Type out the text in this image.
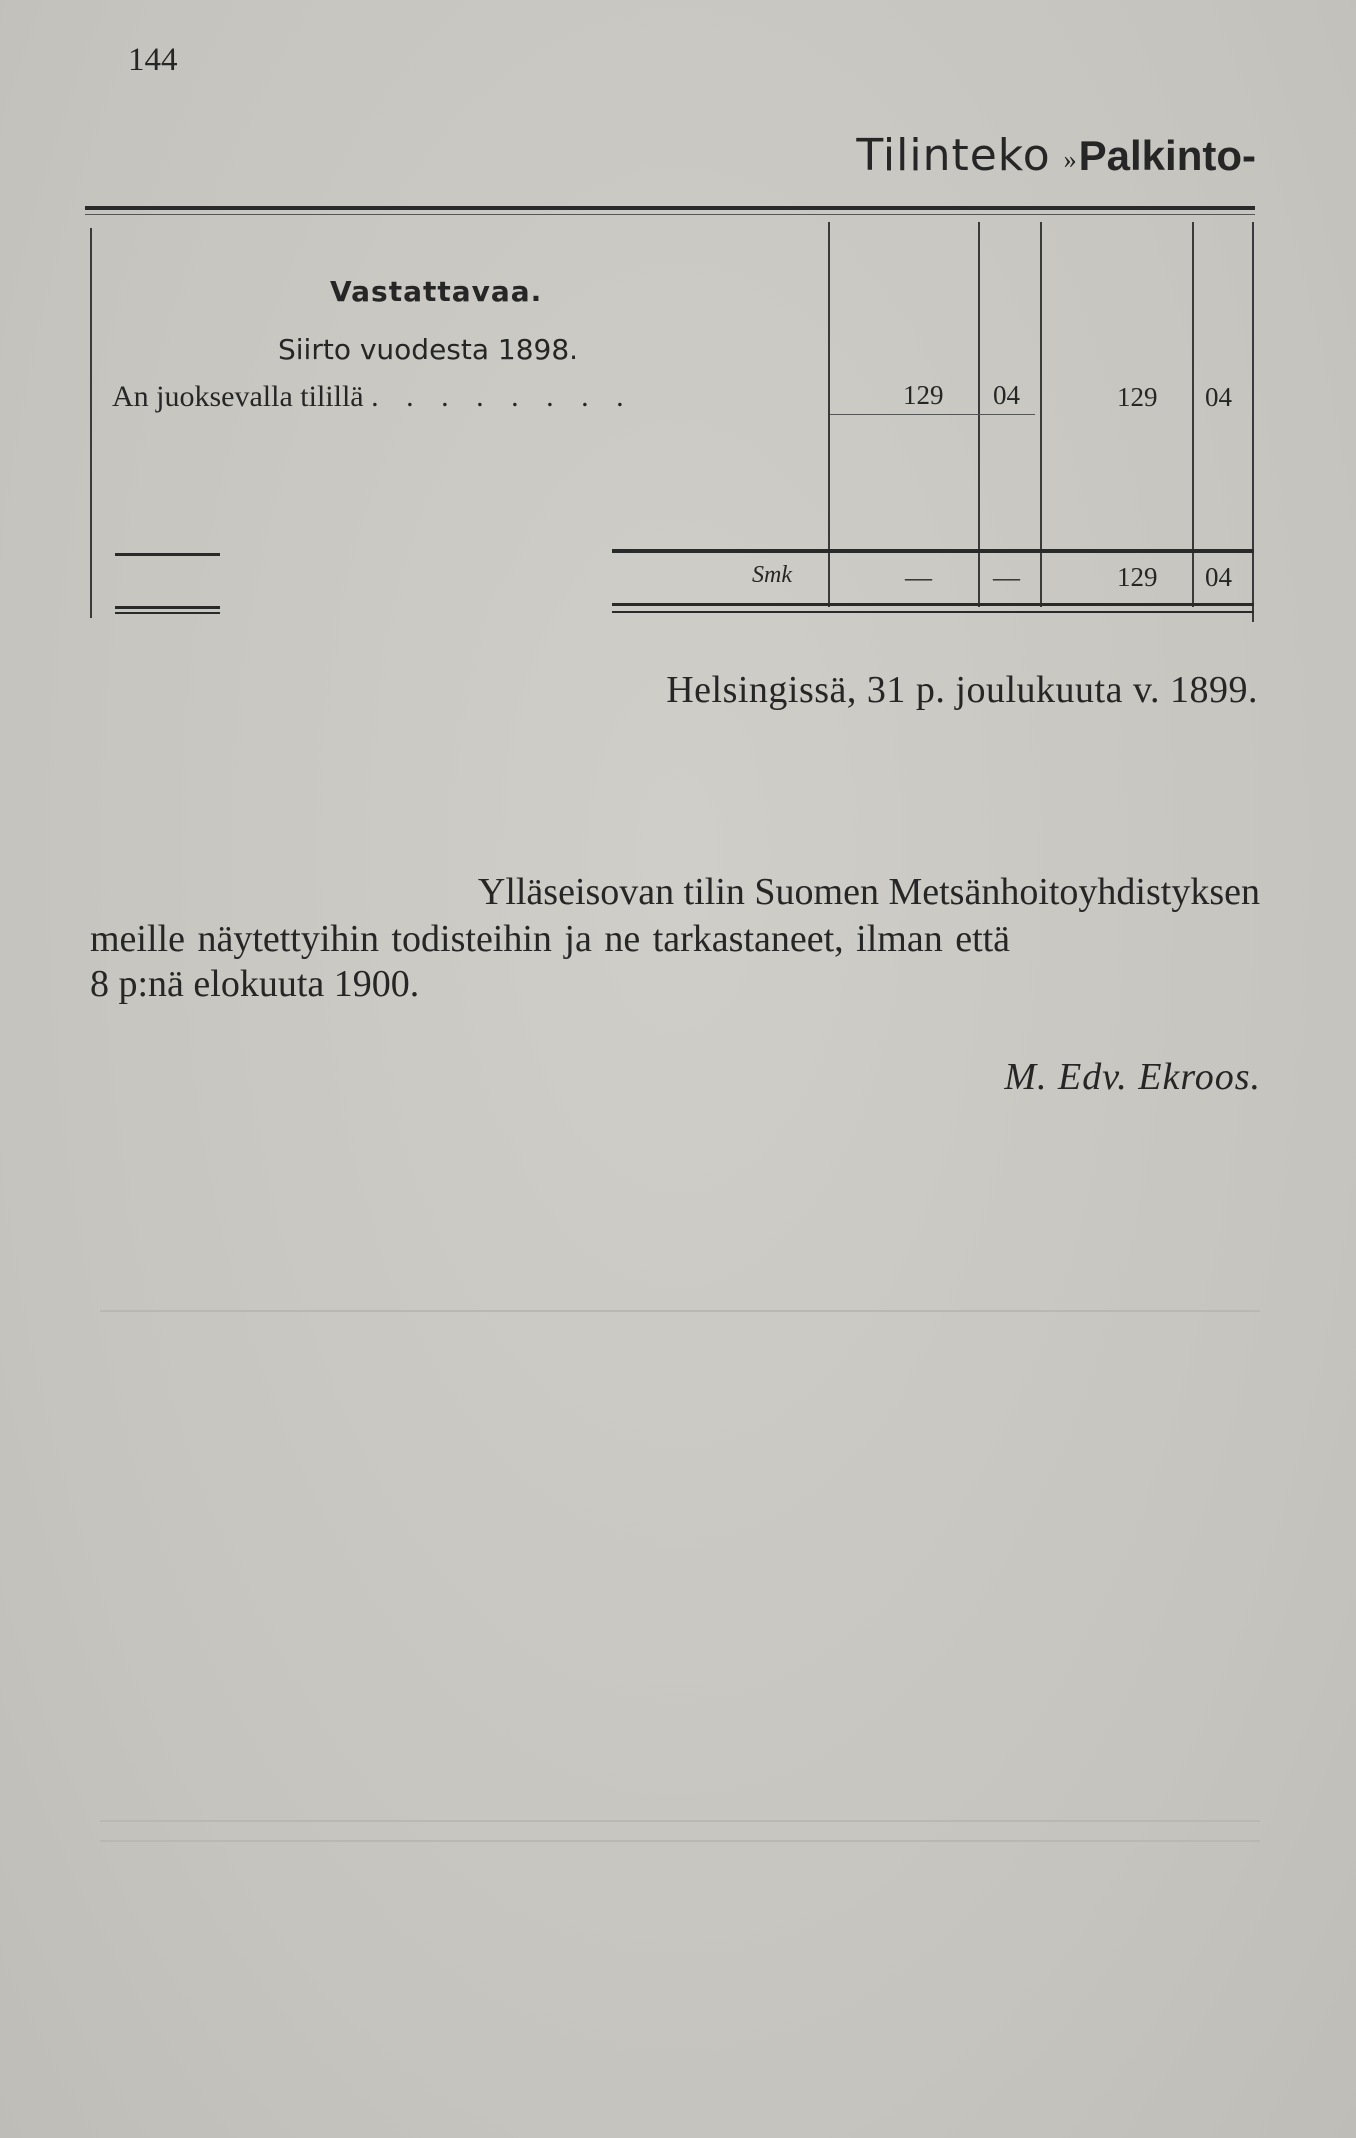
144
Tilinteko »Palkinto-
Vastattavaa.
Siirto vuodesta 1898.
An juoksevalla tilillä . . . . . . . .	129 04	129 04
Smk	— —	129 04
Helsingissä, 31 p. joulukuuta v. 1899.
Ylläseisovan tilin Suomen Metsänhoitoyhdistyksen
meille näytettyihin todisteihin ja ne tarkastaneet, ilman että
8 p:nä elokuuta 1900.
M. Edv. Ekroos.
